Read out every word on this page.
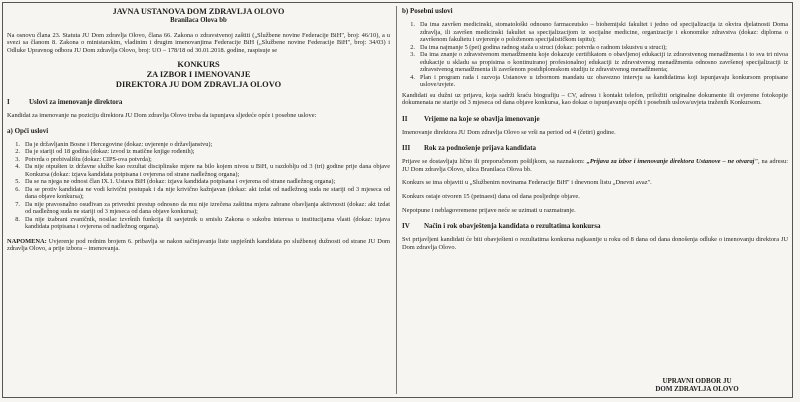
JAVNA USTANOVA DOM ZDRAVLJA OLOVO

Branilaca Olova bb

Na osnovu člana 23. Statuta JU Dom zdravlja Olovo, člana 66. Zakona o zdravstvenoj zaštiti („Službene novine Federacije BiH", broj: 46/10), a u svezi sa članom 8. Zakona o ministarskim, vladinim i drugim imenovanjima Federacije BiH („Službene novine Federacije BiH", broj: 34/03) i Odluke Upravnog odbora JU Dom zdravlja Olovo, broj: UO – 178/18 od 30.01.2018. godine, raspisuje se

KONKURS

ZA IZBOR I IMENOVANJE

DIREKTORA JU DOM ZDRAVLJA OLOVO

I	Uslovi za imenovanje direktora

Kandidat za imenovanje na poziciju direktora JU Dom zdravlja Olovo treba da ispunjava sljedeće opće i posebne uslove:

a) Opći uslovi

1. Da je državljanin Bosne i Hercegovine (dokaz: uvjerenje o državljanstvu);
2. Da je stariji od 18 godina (dokaz: izvod iz matične knjige rođenih);
3. Potvrda o prebivalištu (dokaz: CIPS-ova potvrda);
4. Da nije otpušten iz državne službe kao rezultat disciplinske mjere na bilo kojem nivou u BiH, u razdoblju od 3 (tri) godine prije dana objave Konkursa (dokaz: izjava kandidata potpisana i ovjerena od strane nadležnog organa);
5. Da se na njega ne odnosi član IX.1. Ustava BiH (dokaz: izjava kandidata potpisana i ovjerena od strane nadležnog organa);
6. Da se protiv kandidata ne vodi krivični postupak i da nije krivično kažnjavan (dokaz: akt izdat od nadležnog suda ne stariji od 3 mjeseca od dana objave konkursa);
7. Da nije pravosnažno osuđivan za privredni prestup odnosno da mu nije izrečena zaštitna mjera zabrane obavljanja aktivnosti (dokaz: akt izdat od nadležnog suda ne stariji od 3 mjeseca od dana objave konkursa);
8. Da nije izabrani zvaničnik, nosilac izvršnih funkcija ili savjetnik u smislu Zakona o sukobu interesa u institucijama vlasti (dokaz: izjava kandidata potpisana i ovjerena od nadležnog organa).

NAPOMENA: Uvjerenje pod rednim brojem 6. pribavlja se nakon sačinjavanja liste uspješnih kandidata po službenoj dužnosti od strane JU Dom zdravlja Olovo, a prije izbora – imenovanja.

b) Posebni uslovi

1. Da ima završen medicinski, stomatološki odnosno farmaceutsko – biohemijski fakultet i jedno od specijalizacija iz okvira djelatnosti Doma zdravlja, ili završen medicinski fakultet sa specijalizacijom iz socijalne medicine, organizacije i ekonomike zdravstva (dokaz: diploma o završenom fakultetu i uvjerenje o položenom specijalističkom ispitu);
2. Da ima najmanje 5 (pet) godina radnog staža u struci (dokaz: potvrda o radnom iskustvu u struci);
3. Da ima znanje o zdravstvenom menadžmentu koje dokazuje certifikatom o obavljenoj edukaciji iz zdravstvenog menadžmenta i to sva tri nivoa edukacije u skladu sa propisima o kontinuiranoj profesionalnoj edukaciji iz zdravstvenog menadžmenta odnosno završenoj specijalizaciji iz zdravstvenog menadžmenta ili završenom postdiplomskom studiju iz zdravstvenog menadžmenta;
4. Plan i program rada i razvoja Ustanove u izbornom mandatu uz obavezno intervju sa kandidatima koji ispunjavaju konkursom propisane uslove/uvjete.

Kandidati su dužni uz prijavu, koja sadrži kraću biografiju – CV, adresu i kontakt telefon, priložiti originalne dokumente ili ovjerene fotokopije dokumenata ne starije od 3 mjeseca od dana objave konkursa, kao dokaz o ispunjavanju općih i posebnih uslova/uvjeta traženih Konkursom.

II	Vrijeme na koje se obavlja imenovanje

Imenovanje direktora JU Dom zdravlja Olovo se vrši na period od 4 (četiri) godine.

III	Rok za podnošenje prijava kandidata

Prijave se dostavljaju lično ili preporučenom pošiljkom, sa naznakom: „Prijava za izbor i imenovanje direktora Ustanove – ne otvaraj", na adresu: JU Dom zdravlja Olovo, ulica Branilaca Olova bb.

Konkurs se ima objaviti u „Službenim novinama Federacije BiH" i dnevnom listu „Dnevni avaz".

Konkurs ostaje otvoren 15 (petnaest) dana od dana posljednje objave.

Nepotpune i neblagovremene prijave neće se uzimati u razmatranje.

IV	Način i rok obavještenja kandidata o rezultatima konkursa

Svi prijavljeni kandidati će biti obavješteni o rezultatima konkursa najkasnije u roku od 8 dana od dana donošenja odluke o imenovanju direktora JU Dom zdravlja Olovo.

UPRAVNI ODBOR JU

DOM ZDRAVLJA OLOVO
